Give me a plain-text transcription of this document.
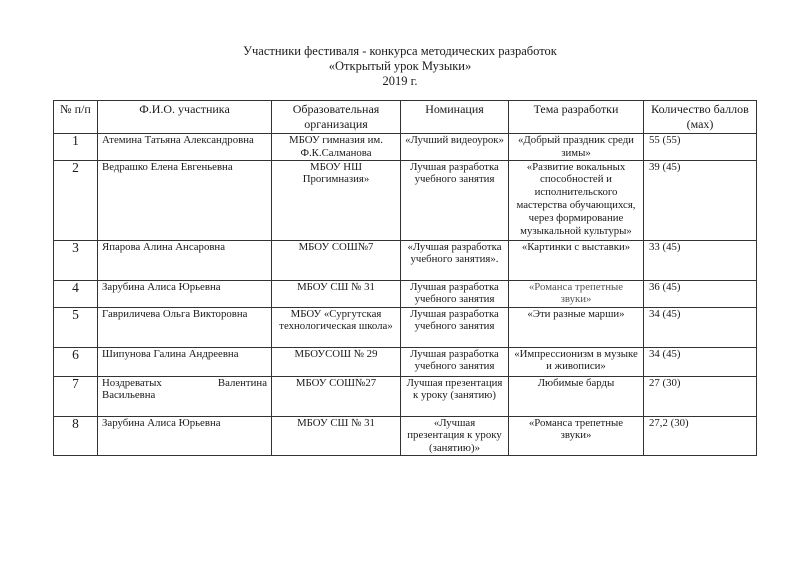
Участники фестиваля - конкурса методических разработок
«Открытый урок Музыки»
2019 г.
№ п/п	Ф.И.О. участника	Образовательная организация	Номинация	Тема разработки	Количество баллов (мах)
1	Атемина Татьяна Александровна	МБОУ гимназия им. Ф.К.Салманова	«Лучший видеоурок»	«Добрый праздник среди зимы»	55 (55)
2	Ведрашко Елена Евгеньевна	МБОУ НШ Прогимназия»	Лучшая разработка учебного занятия	«Развитие вокальных способностей и исполнительского мастерства обучающихся, через формирование музыкальной культуры»	39 (45)
3	Япарова Алина Ансаровна	МБОУ СОШ№7	«Лучшая разработка учебного занятия».	«Картинки с выставки»	33 (45)
4	Зарубина Алиса Юрьевна	МБОУ СШ № 31	Лучшая разработка учебного занятия	«Романса трепетные звуки»	36 (45)
5	Гавриличева Ольга Викторовна	МБОУ «Сургутская технологическая школа»	Лучшая разработка учебного занятия	«Эти разные марши»	34 (45)
6	Шипунова Галина Андреевна	МБОУСОШ № 29	Лучшая разработка учебного занятия	«Импрессионизм в музыке и живописи»	34 (45)
7	Ноздреватых Валентина Васильевна	МБОУ СОШ№27	Лучшая презентация к уроку (занятию)	Любимые барды	27 (30)
8	Зарубина Алиса Юрьевна	МБОУ СШ № 31	«Лучшая презентация к уроку (занятию)»	«Романса трепетные звуки»	27,2 (30)
